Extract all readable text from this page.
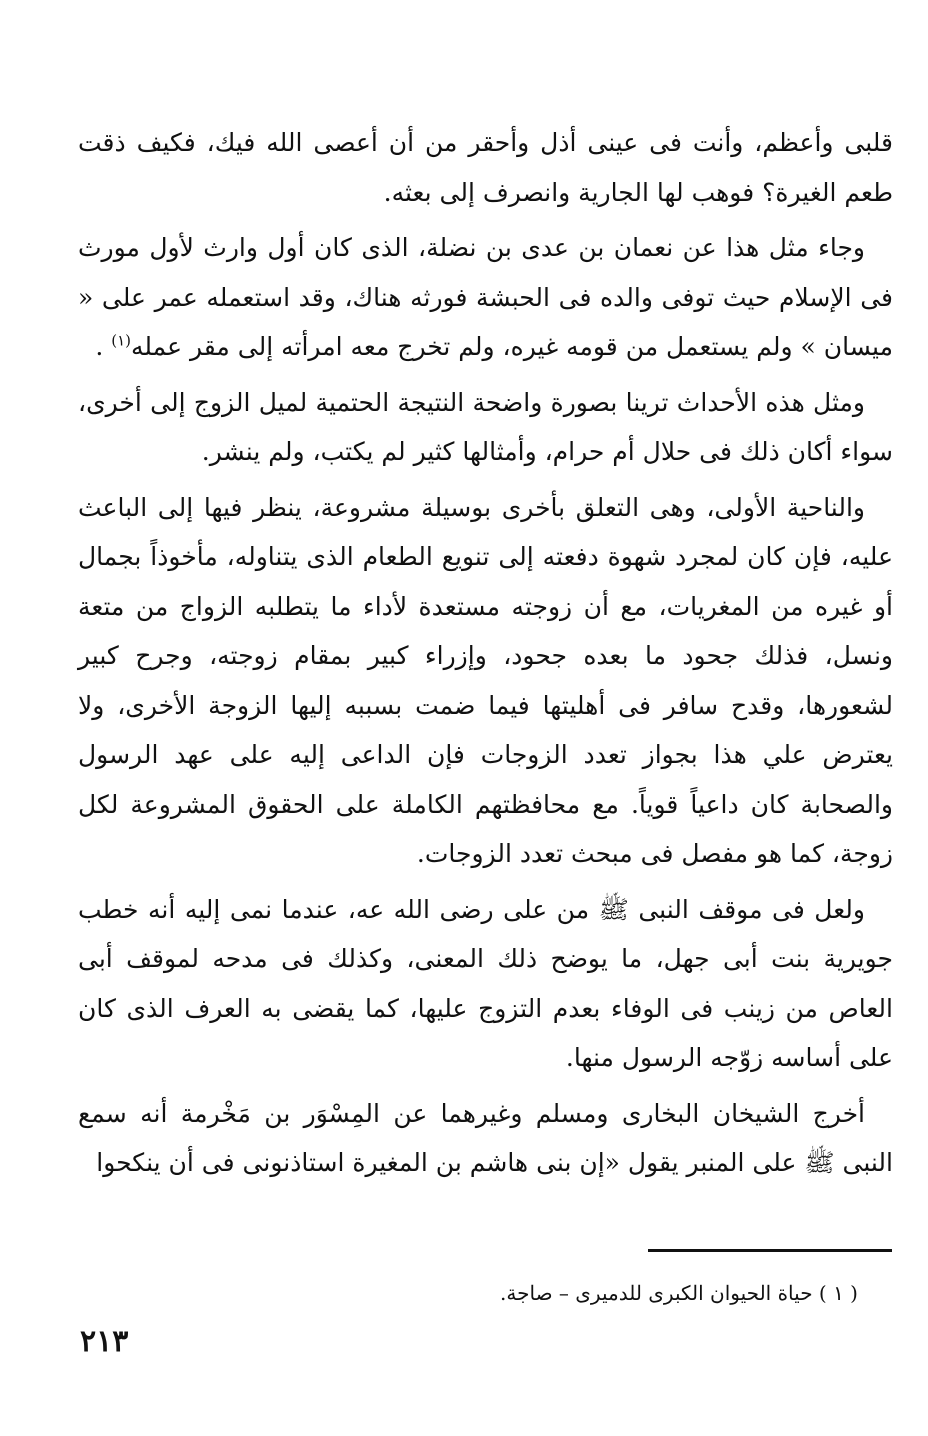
قلبى وأعظم، وأنت فى عينى أذل وأحقر من أن أعصى الله فيك، فكيف ذقت طعم الغيرة؟ فوهب لها الجارية وانصرف إلى بعثه.

وجاء مثل هذا عن نعمان بن عدى بن نضلة، الذى كان أول وارث لأول مورث فى الإسلام حيث توفى والده فى الحبشة فورثه هناك، وقد استعمله عمر على « ميسان » ولم يستعمل من قومه غيره، ولم تخرج معه امرأته إلى مقر عمله$^{(١)}$ .

ومثل هذه الأحداث ترينا بصورة واضحة النتيجة الحتمية لميل الزوج إلى أخرى، سواء أكان ذلك فى حلال أم حرام، وأمثالها كثير لم يكتب، ولم ينشر.

والناحية الأولى، وهى التعلق بأخرى بوسيلة مشروعة، ينظر فيها إلى الباعث عليه، فإن كان لمجرد شهوة دفعته إلى تنويع الطعام الذى يتناوله، مأخوذاً بجمال أو غيره من المغريات، مع أن زوجته مستعدة لأداء ما يتطلبه الزواج من متعة ونسل، فذلك جحود ما بعده جحود، وإزراء كبير بمقام زوجته، وجرح كبير لشعورها، وقدح سافر فى أهليتها فيما ضمت بسببه إليها الزوجة الأخرى، ولا يعترض علي هذا بجواز تعدد الزوجات فإن الداعى إليه على عهد الرسول والصحابة كان داعياً قوياً. مع محافظتهم الكاملة على الحقوق المشروعة لكل زوجة، كما هو مفصل فى مبحث تعدد الزوجات.

ولعل فى موقف النبى ﷺ من على رضى الله عه، عندما نمى إليه أنه خطب جويرية بنت أبى جهل، ما يوضح ذلك المعنى، وكذلك فى مدحه لموقف أبى العاص من زينب فى الوفاء بعدم التزوج عليها، كما يقضى به العرف الذى كان على أساسه زوّجه الرسول منها.

أخرج الشيخان البخارى ومسلم وغيرهما عن المِسْوَر بن مَخْرمة أنه سمع النبى ﷺ على المنبر يقول «إن بنى هاشم بن المغيرة استاذنونى فى أن ينكحوا

( ١ ) حياة الحيوان الكبرى للدميرى – صاجة.
٢١٣
